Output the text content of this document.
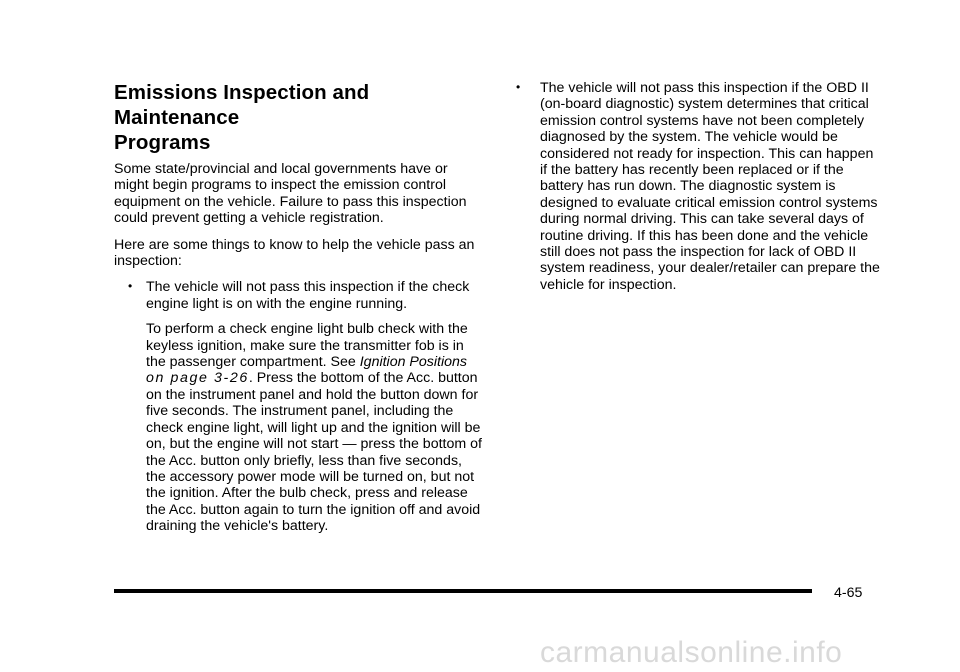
Emissions Inspection and Maintenance
Programs

Some state/provincial and local governments have or might begin programs to inspect the emission control equipment on the vehicle. Failure to pass this inspection could prevent getting a vehicle registration.

Here are some things to know to help the vehicle pass an inspection:

• The vehicle will not pass this inspection if the check engine light is on with the engine running.

To perform a check engine light bulb check with the keyless ignition, make sure the transmitter fob is in the passenger compartment. See Ignition Positions on page 3-26. Press the bottom of the Acc. button on the instrument panel and hold the button down for five seconds. The instrument panel, including the check engine light, will light up and the ignition will be on, but the engine will not start — press the bottom of the Acc. button only briefly, less than five seconds, the accessory power mode will be turned on, but not the ignition. After the bulb check, press and release the Acc. button again to turn the ignition off and avoid draining the vehicle's battery.

• The vehicle will not pass this inspection if the OBD II (on-board diagnostic) system determines that critical emission control systems have not been completely diagnosed by the system. The vehicle would be considered not ready for inspection. This can happen if the battery has recently been replaced or if the battery has run down. The diagnostic system is designed to evaluate critical emission control systems during normal driving. This can take several days of routine driving. If this has been done and the vehicle still does not pass the inspection for lack of OBD II system readiness, your dealer/retailer can prepare the vehicle for inspection.
4-65
carmanualsonline.info
